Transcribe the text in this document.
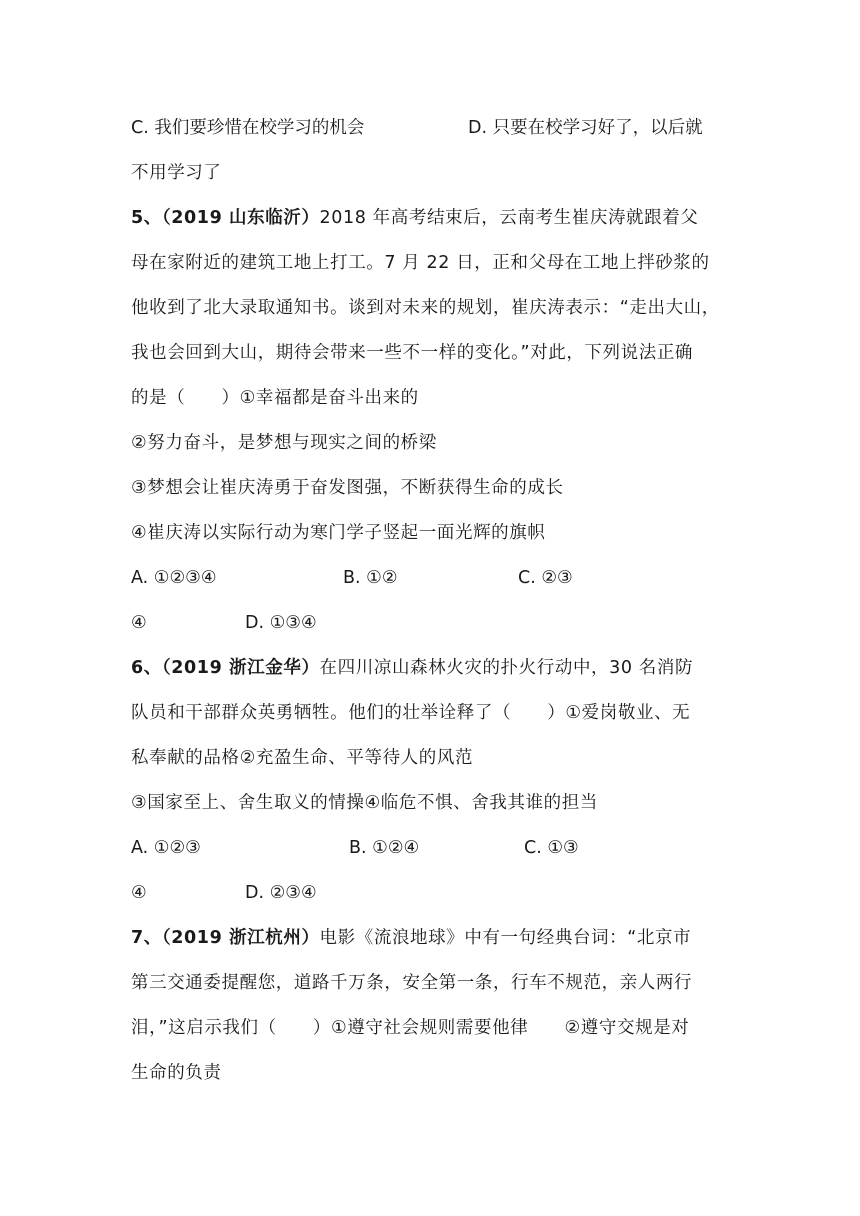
C. 我们要珍惜在校学习的机会	D. 只要在校学习好了，以后就
不用学习了
5、（2019 山东临沂）2018 年高考结束后，云南考生崔庆涛就跟着父
母在家附近的建筑工地上打工。7 月 22 日，正和父母在工地上拌砂浆的
他收到了北大录取通知书。谈到对未来的规划，崔庆涛表示：“走出大山，
我也会回到大山，期待会带来一些不一样的变化。”对此，下列说法正确
的是（　　）①幸福都是奋斗出来的
②努力奋斗，是梦想与现实之间的桥梁
③梦想会让崔庆涛勇于奋发图强，不断获得生命的成长
④崔庆涛以实际行动为寒门学子竖起一面光辉的旗帜
A. ①②③④	B. ①②	C. ②③
④	D. ①③④
6、（2019 浙江金华）在四川凉山森林火灾的扑火行动中，30 名消防
队员和干部群众英勇牺牲。他们的壮举诠释了（　　）①爱岗敬业、无
私奉献的品格②充盈生命、平等待人的风范
③国家至上、舍生取义的情操④临危不惧、舍我其谁的担当
A. ①②③	B. ①②④	C. ①③
④	D. ②③④
7、（2019 浙江杭州）电影《流浪地球》中有一句经典台词：“北京市
第三交通委提醒您，道路千万条，安全第一条，行车不规范，亲人两行
泪，”这启示我们（　　）①遵守社会规则需要他律　　②遵守交规是对
生命的负责
